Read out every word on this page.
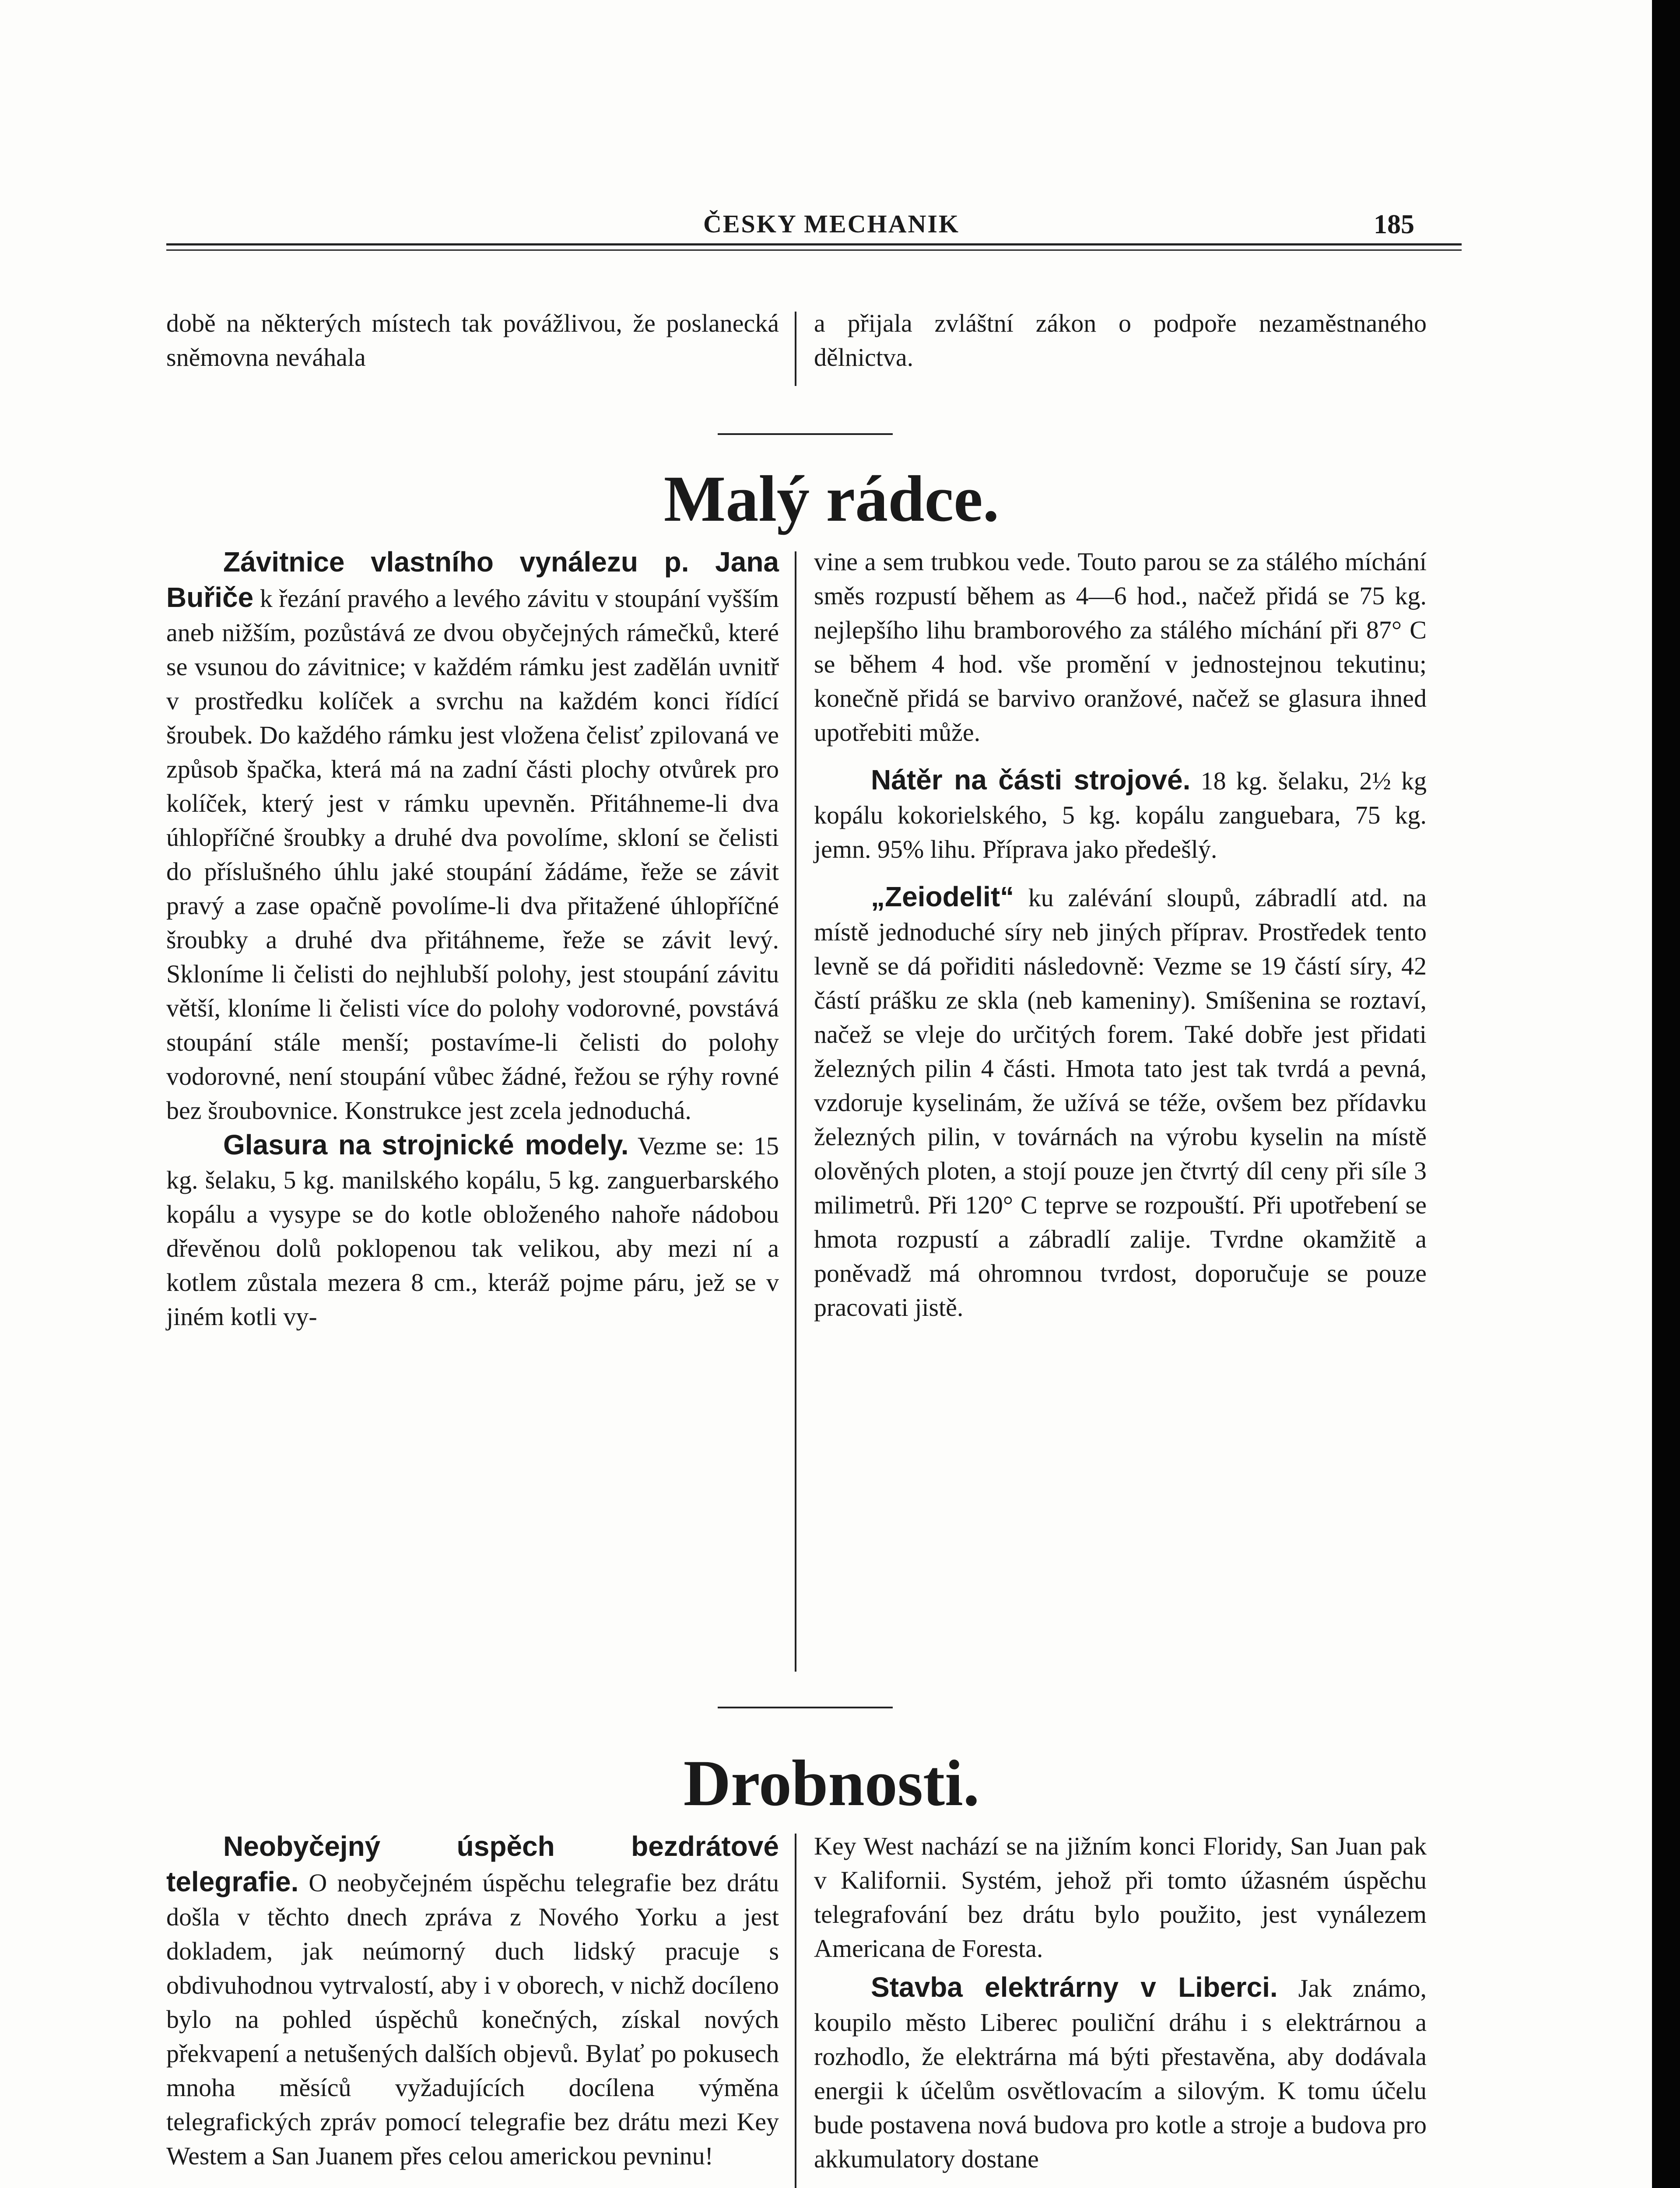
ČESKY MECHANIK	185

době na některých místech tak povážlivou, že poslanecká sněmovna neváhala

a přijala zvláštní zákon o podpoře nezaměstnaného dělnictva.

Malý rádce.

Závitnice vlastního vynálezu p. Jana Buřiče k řezání pravého a levého závitu v stoupání vyšším aneb nižším, pozůstává ze dvou obyčejných rámečků, které se vsunou do závitnice; v každém rámku jest zadělán uvnitř v prostředku kolíček a svrchu na každém konci řídící šroubek. Do každého rámku jest vložena čelisť zpilovaná ve způsob špačka, která má na zadní části plochy otvůrek pro kolíček, který jest v rámku upevněn. Přitáhneme-li dva úhlopříčné šroubky a druhé dva povolíme, skloní se čelisti do příslušného úhlu jaké stoupání žádáme, řeže se závit pravý a zase opačně povolíme-li dva přitažené úhlopříčné šroubky a druhé dva přitáhneme, řeže se závit levý. Skloníme li čelisti do nejhlubší polohy, jest stoupání závitu větší, kloníme li čelisti více do polohy vodorovné, povstává stoupání stále menší; postavíme-li čelisti do polohy vodorovné, není stoupání vůbec žádné, řežou se rýhy rovné bez šroubovnice. Konstrukce jest zcela jednoduchá.

Glasura na strojnické modely. Vezme se: 15 kg. šelaku, 5 kg. manilského kopálu, 5 kg. zanguerbarského kopálu a vysype se do kotle obloženého nahoře nádobou dřevěnou dolů poklopenou tak velikou, aby mezi ní a kotlem zůstala mezera 8 cm., kteráž pojme páru, jež se v jiném kotli vy-

vine a sem trubkou vede. Touto parou se za stálého míchání směs rozpustí během as 4—6 hod., načež přidá se 75 kg. nejlepšího lihu bramborového za stálého míchání při 87° C se během 4 hod. vše promění v jednostejnou tekutinu; konečně přidá se barvivo oranžové, načež se glasura ihned upotřebiti může.

Nátěr na části strojové. 18 kg. šelaku, 2½ kg kopálu kokorielského, 5 kg. kopálu zanguebara, 75 kg. jemn. 95% lihu. Příprava jako předešlý.

„Zeiodelit“ ku zalévání sloupů, zábradlí atd. na místě jednoduché síry neb jiných příprav. Prostředek tento levně se dá pořiditi následovně: Vezme se 19 částí síry, 42 částí prášku ze skla (neb kameniny). Smíšenina se roztaví, načež se vleje do určitých forem. Také dobře jest přidati železných pilin 4 části. Hmota tato jest tak tvrdá a pevná, vzdoruje kyselinám, že užívá se téže, ovšem bez přídavku železných pilin, v továrnách na výrobu kyselin na místě olověných ploten, a stojí pouze jen čtvrtý díl ceny při síle 3 milimetrů. Při 120° C teprve se rozpouští. Při upotřebení se hmota rozpustí a zábradlí zalije. Tvrdne okamžitě a poněvadž má ohromnou tvrdost, doporučuje se pouze pracovati jistě.

Drobnosti.

Neobyčejný úspěch bezdrátové telegrafie. O neobyčejném úspěchu telegrafie bez drátu došla v těchto dnech zpráva z Nového Yorku a jest dokladem, jak neúmorný duch lidský pracuje s obdivuhodnou vytrvalostí, aby i v oborech, v nichž docíleno bylo na pohled úspěchů konečných, získal nových překvapení a netušených dalších objevů. Bylať po pokusech mnoha měsíců vyžadujících docílena výměna telegrafických zpráv pomocí telegrafie bez drátu mezi Key Westem a San Juanem přes celou americkou pevninu!

Key West nachází se na jižním konci Floridy, San Juan pak v Kalifornii. Systém, jehož při tomto úžasném úspěchu telegrafování bez drátu bylo použito, jest vynálezem Americana de Foresta.

Stavba elektrárny v Liberci. Jak známo, koupilo město Liberec pouliční dráhu i s elektrárnou a rozhodlo, že elektrárna má býti přestavěna, aby dodávala energii k účelům osvětlovacím a silovým. K tomu účelu bude postavena nová budova pro kotle a stroje a budova pro akkumulatory dostane
